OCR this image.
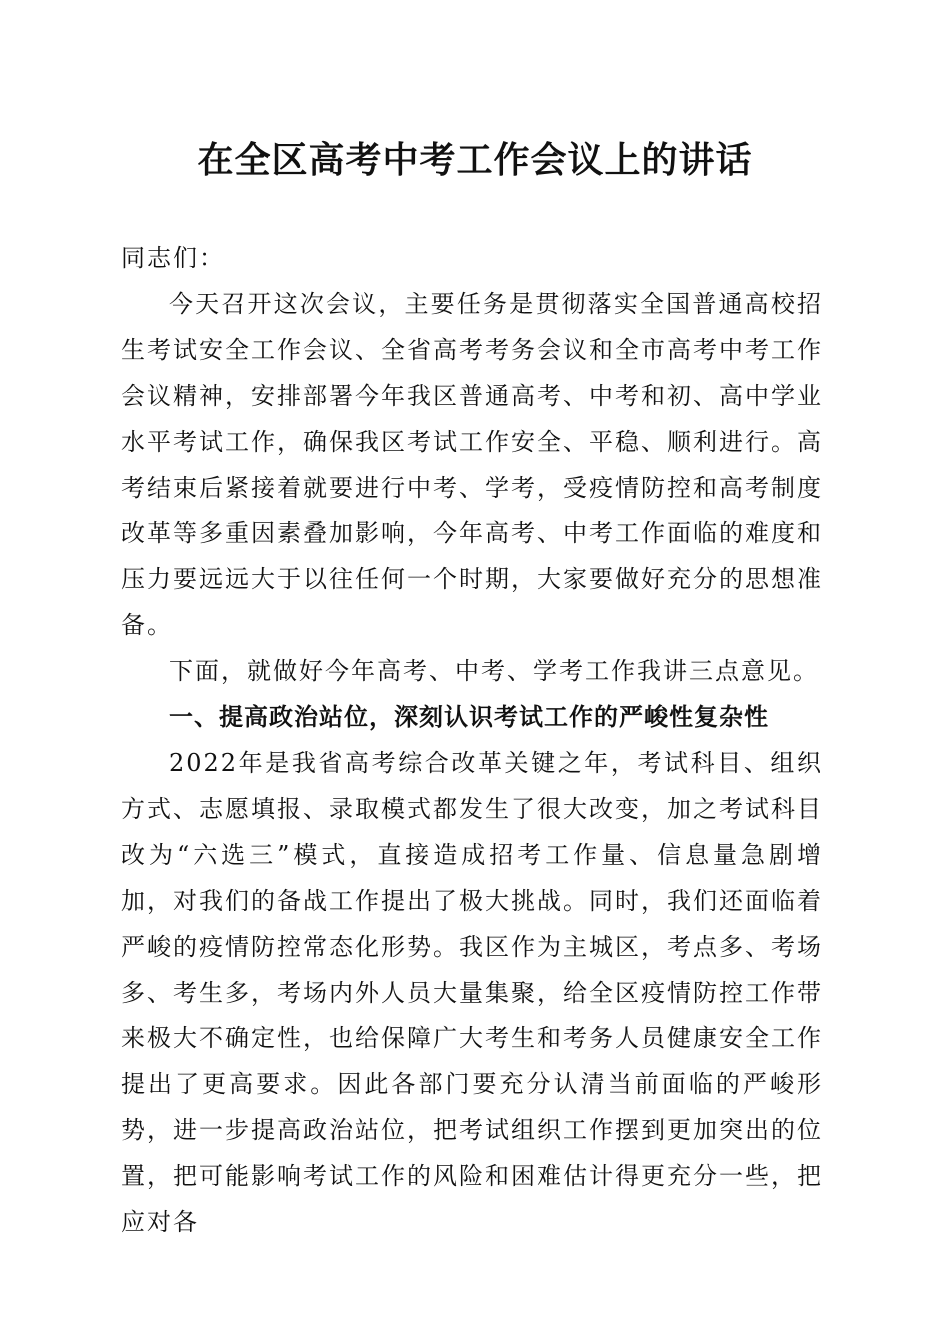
在全区高考中考工作会议上的讲话

同志们：

今天召开这次会议，主要任务是贯彻落实全国普通高校招生考试安全工作会议、全省高考考务会议和全市高考中考工作会议精神，安排部署今年我区普通高考、中考和初、高中学业水平考试工作，确保我区考试工作安全、平稳、顺利进行。高考结束后紧接着就要进行中考、学考，受疫情防控和高考制度改革等多重因素叠加影响，今年高考、中考工作面临的难度和压力要远远大于以往任何一个时期，大家要做好充分的思想准备。

下面，就做好今年高考、中考、学考工作我讲三点意见。

一、提高政治站位，深刻认识考试工作的严峻性复杂性

2022年是我省高考综合改革关键之年，考试科目、组织方式、志愿填报、录取模式都发生了很大改变，加之考试科目改为“六选三”模式，直接造成招考工作量、信息量急剧增加，对我们的备战工作提出了极大挑战。同时，我们还面临着严峻的疫情防控常态化形势。我区作为主城区，考点多、考场多、考生多，考场内外人员大量集聚，给全区疫情防控工作带来极大不确定性，也给保障广大考生和考务人员健康安全工作提出了更高要求。因此各部门要充分认清当前面临的严峻形势，进一步提高政治站位，把考试组织工作摆到更加突出的位置，把可能影响考试工作的风险和困难估计得更充分一些，把应对各
